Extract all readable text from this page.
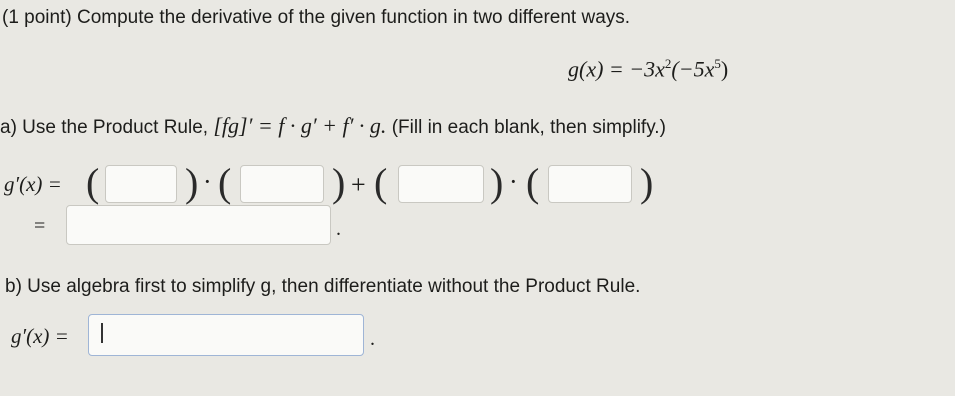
(1 point) Compute the derivative of the given function in two different ways.
$g(x) = -3x^2(-5x^5)$
a) Use the Product Rule, [fg]′ = f · g′ + f′ · g. (Fill in each blank, then simplify.)
g′(x) = ( ) · (	) + (	) · (	)
=	.
b) Use algebra first to simplify g, then differentiate without the Product Rule.
g′(x) =	.
